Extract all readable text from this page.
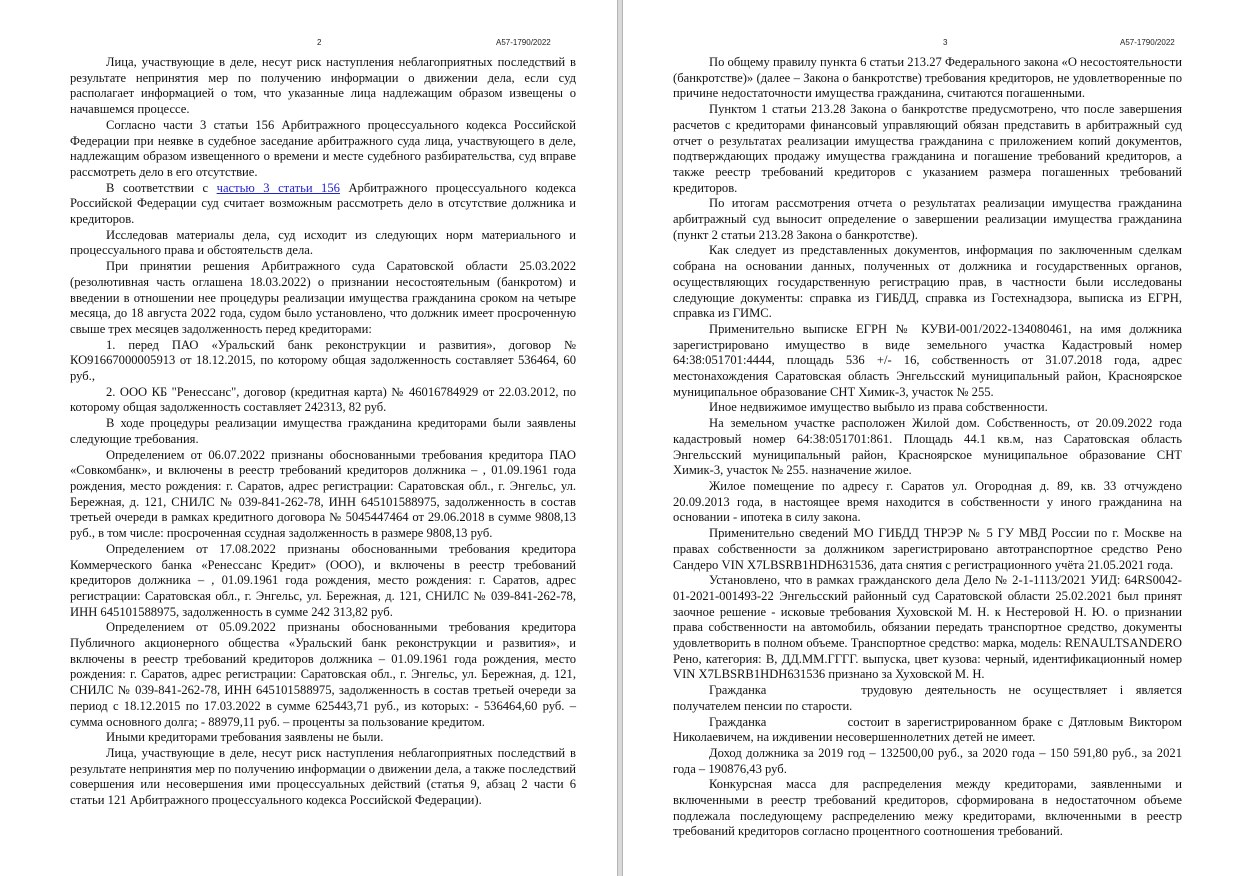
2	А57-1790/2022

Лица, участвующие в деле, несут риск наступления неблагоприятных последствий в результате непринятия мер по получению информации о движении дела, если суд располагает информацией о том, что указанные лица надлежащим образом извещены о начавшемся процессе.

Согласно части 3 статьи 156 Арбитражного процессуального кодекса Российской Федерации при неявке в судебное заседание арбитражного суда лица, участвующего в деле, надлежащим образом извещенного о времени и месте судебного разбирательства, суд вправе рассмотреть дело в его отсутствие.

В соответствии с частью 3 статьи 156 Арбитражного процессуального кодекса Российской Федерации суд считает возможным рассмотреть дело в отсутствие должника и кредиторов.

Исследовав материалы дела, суд исходит из следующих норм материального и процессуального права и обстоятельств дела.

При принятии решения Арбитражного суда Саратовской области 25.03.2022 (резолютивная часть оглашена 18.03.2022) о признании несостоятельным (банкротом) и введении в отношении нее процедуры реализации имущества гражданина сроком на четыре месяца, до 18 августа 2022 года, судом было установлено, что должник имеет просроченную свыше трех месяцев задолженность перед кредиторами:

1. перед ПАО «Уральский банк реконструкции и развития», договор № КО91667000005913 от 18.12.2015, по которому общая задолженность составляет 536464, 60 руб.,

2. ООО КБ "Ренессанс", договор (кредитная карта) № 46016784929 от 22.03.2012, по которому общая задолженность составляет 242313, 82 руб.

В ходе процедуры реализации имущества гражданина кредиторами были заявлены следующие требования.

Определением от 06.07.2022 признаны обоснованными требования кредитора ПАО «Совкомбанк», и включены в реестр требований кредиторов должника – , 01.09.1961 года рождения, место рождения: г. Саратов, адрес регистрации: Саратовская обл., г. Энгельс, ул. Бережная, д. 121, СНИЛС № 039-841-262-78, ИНН 645101588975, задолженность в состав третьей очереди в рамках кредитного договора № 5045447464 от 29.06.2018 в сумме 9808,13 руб., в том числе: просроченная ссудная задолженность в размере 9808,13 руб.

Определением от 17.08.2022 признаны обоснованными требования кредитора Коммерческого банка «Ренессанс Кредит» (ООО), и включены в реестр требований кредиторов должника – , 01.09.1961 года рождения, место рождения: г. Саратов, адрес регистрации: Саратовская обл., г. Энгельс, ул. Бережная, д. 121, СНИЛС № 039-841-262-78, ИНН 645101588975, задолженность в сумме 242 313,82 руб.

Определением от 05.09.2022 признаны обоснованными требования кредитора Публичного акционерного общества «Уральский банк реконструкции и развития», и включены в реестр требований кредиторов должника – 01.09.1961 года рождения, место рождения: г. Саратов, адрес регистрации: Саратовская обл., г. Энгельс, ул. Бережная, д. 121, СНИЛС № 039-841-262-78, ИНН 645101588975, задолженность в состав третьей очереди за период с 18.12.2015 по 17.03.2022 в сумме 625443,71 руб., из которых: - 536464,60 руб. – сумма основного долга; - 88979,11 руб. – проценты за пользование кредитом.

Иными кредиторами требования заявлены не были.

Лица, участвующие в деле, несут риск наступления неблагоприятных последствий в результате непринятия мер по получению информации о движении дела, а также последствий совершения или несовершения ими процессуальных действий (статья 9, абзац 2 части 6 статьи 121 Арбитражного процессуального кодекса Российской Федерации).

3	А57-1790/2022

По общему правилу пункта 6 статьи 213.27 Федерального закона «О несостоятельности (банкротстве)» (далее – Закона о банкротстве) требования кредиторов, не удовлетворенные по причине недостаточности имущества гражданина, считаются погашенными.

Пунктом 1 статьи 213.28 Закона о банкротстве предусмотрено, что после завершения расчетов с кредиторами финансовый управляющий обязан представить в арбитражный суд отчет о результатах реализации имущества гражданина с приложением копий документов, подтверждающих продажу имущества гражданина и погашение требований кредиторов, а также реестр требований кредиторов с указанием размера погашенных требований кредиторов.

По итогам рассмотрения отчета о результатах реализации имущества гражданина арбитражный суд выносит определение о завершении реализации имущества гражданина (пункт 2 статьи 213.28 Закона о банкротстве).

Как следует из представленных документов, информация по заключенным сделкам собрана на основании данных, полученных от должника и государственных органов, осуществляющих государственную регистрацию прав, в частности были исследованы следующие документы: справка из ГИБДД, справка из Гостехнадзора, выписка из ЕГРН, справка из ГИМС.

Применительно выписке ЕГРН № КУВИ-001/2022-134080461, на имя должника зарегистрировано имущество в виде земельного участка Кадастровый номер 64:38:051701:4444, площадь 536 +/- 16, собственность от 31.07.2018 года, адрес местонахождения Саратовская область Энгельсский муниципальный район, Красноярское муниципальное образование СНТ Химик-3, участок № 255.

Иное недвижимое имущество выбыло из права собственности.

На земельном участке расположен Жилой дом. Собственность, от 20.09.2022 года кадастровый номер 64:38:051701:861. Площадь 44.1 кв.м, наз Саратовская область Энгельсский муниципальный район, Красноярское муниципальное образование СНТ Химик-3, участок № 255. назначение жилое.

Жилое помещение по адресу г. Саратов ул. Огородная д. 89, кв. 33 отчуждено 20.09.2013 года, в настоящее время находится в собственности у иного гражданина на основании - ипотека в силу закона.

Применительно сведений МО ГИБДД ТНРЭР № 5 ГУ МВД России по г. Москве на правах собственности за должником зарегистрировано автотранспортное средство Рено Сандеро VIN X7LBSRB1HDH631536, дата снятия с регистрационного учёта 21.05.2021 года.

Установлено, что в рамках гражданского дела Дело № 2-1-1113/2021 УИД: 64RS0042-01-2021-001493-22 Энгельсский районный суд Саратовской области 25.02.2021 был принят заочное решение - исковые требования Хуховской М. Н. к Нестеровой Н. Ю. о признании права собственности на автомобиль, обязании передать транспортное средство, документы удовлетворить в полном объеме. Транспортное средство: марка, модель: RENAULTSANDERO Рено, категория: В, ДД.ММ.ГГГГ. выпуска, цвет кузова: черный, идентификационный номер VIN X7LBSRB1HDH631536 признано за Хуховской М. Н.

Гражданка	трудовую деятельность не осуществляет і является получателем пенсии по старости.

Гражданка	состоит в зарегистрированном браке с Дятловым Виктором Николаевичем, на иждивении несовершеннолетних детей не имеет.

Доход должника за 2019 год – 132500,00 руб., за 2020 года – 150 591,80 руб., за 2021 года – 190876,43 руб.

Конкурсная масса для распределения между кредиторами, заявленными и включенными в реестр требований кредиторов, сформирована в недостаточном объеме подлежала последующему распределению межу кредиторами, включенными в реестр требований кредиторов согласно процентного соотношения требований.
